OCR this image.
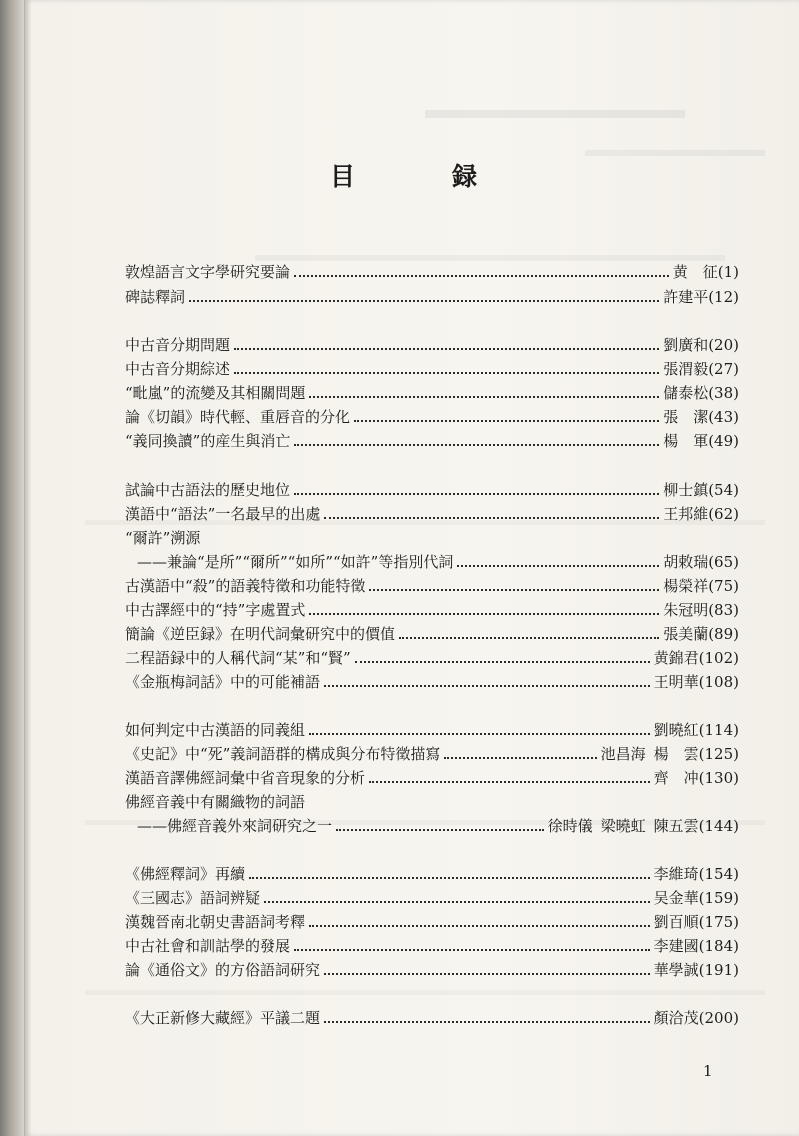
目　録
敦煌語言文字學研究要論	黄　征(1)
碑誌釋詞	許建平(12)
中古音分期問題	劉廣和(20)
中古音分期綜述	張渭毅(27)
“毗嵐”的流變及其相關問題	儲泰松(38)
論《切韻》時代輕、重唇音的分化	張　潔(43)
“義同換讀”的産生與消亡	楊　軍(49)
試論中古語法的歷史地位	柳士鎮(54)
漢語中“語法”一名最早的出處	王邦維(62)
“爾許”溯源
——兼論“是所”“爾所”“如所”“如許”等指別代詞	胡敕瑞(65)
古漢語中“殺”的語義特徵和功能特徵	楊榮祥(75)
中古譯經中的“持”字處置式	朱冠明(83)
簡論《逆臣録》在明代詞彙研究中的價值	張美蘭(89)
二程語録中的人稱代詞“某”和“賢”	黄錦君(102)
《金瓶梅詞話》中的可能補語	王明華(108)
如何判定中古漢語的同義組	劉曉紅(114)
《史記》中“死”義詞語群的構成與分布特徵描寫	池昌海 楊　雲(125)
漢語音譯佛經詞彙中省音現象的分析	齊　冲(130)
佛經音義中有關織物的詞語
——佛經音義外來詞研究之一	徐時儀 梁曉虹 陳五雲(144)
《佛經釋詞》再續	李維琦(154)
《三國志》語詞辨疑	吴金華(159)
漢魏晉南北朝史書語詞考釋	劉百順(175)
中古社會和訓詁學的發展	李建國(184)
論《通俗文》的方俗語詞研究	華學誠(191)
《大正新修大藏經》平議二題	顏洽茂(200)
1
